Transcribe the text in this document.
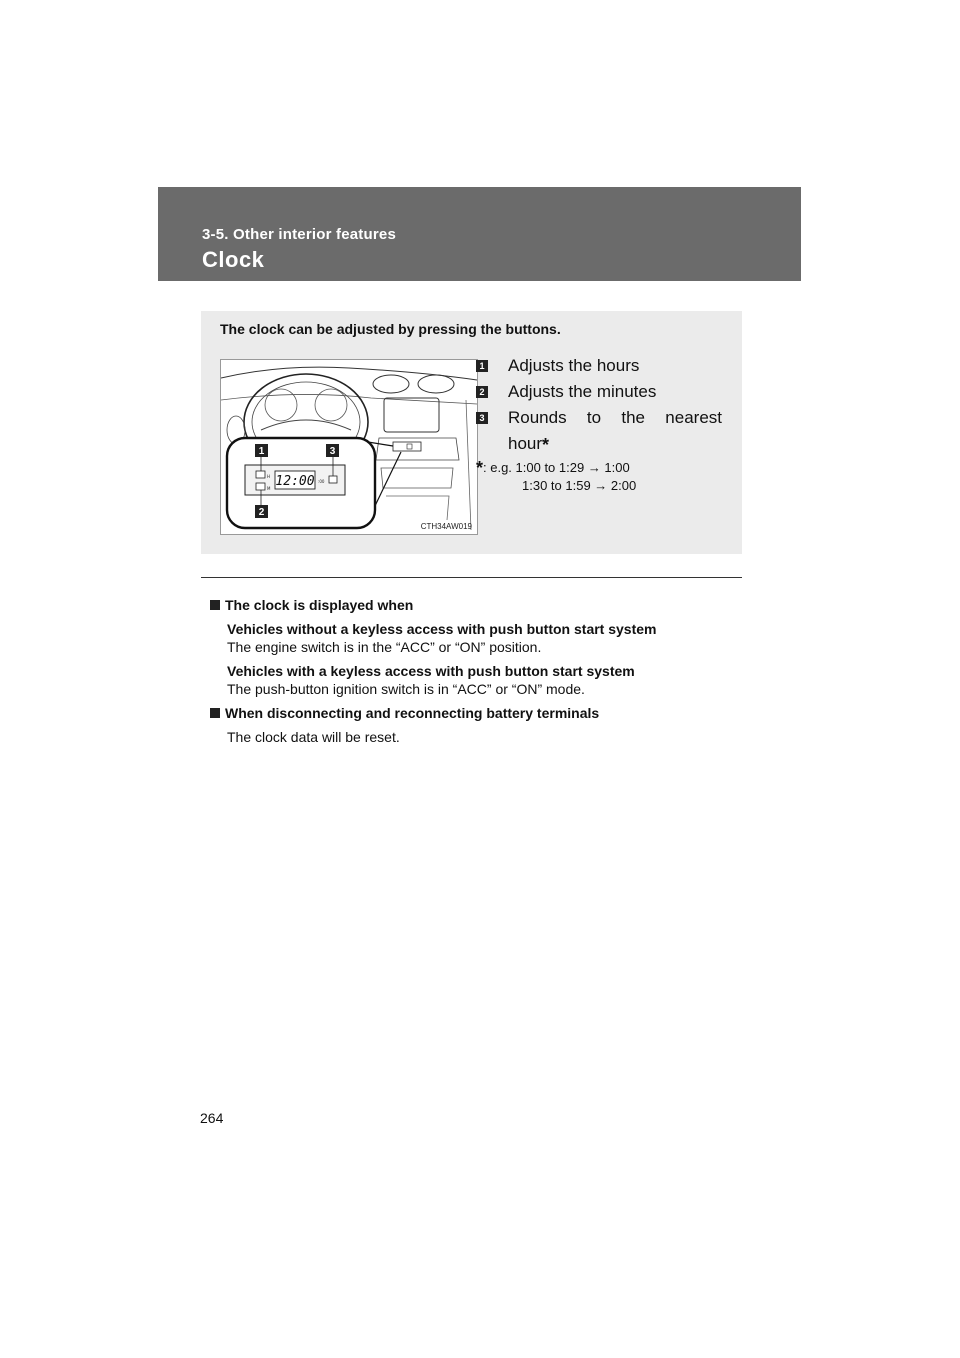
3-5. Other interior features
Clock
The clock can be adjusted by pressing the buttons.
H
M 12:00 :00
1
2
3
CTH34AW019
1 Adjusts the hours
2 Adjusts the minutes
3 Rounds to the nearest
hour*
*: e.g. 1:00 to 1:29 → 1:00
1:30 to 1:59 → 2:00
The clock is displayed when
Vehicles without a keyless access with push button start system
The engine switch is in the “ACC” or “ON” position.
Vehicles with a keyless access with push button start system
The push-button ignition switch is in “ACC” or “ON” mode.
When disconnecting and reconnecting battery terminals
The clock data will be reset.
264
